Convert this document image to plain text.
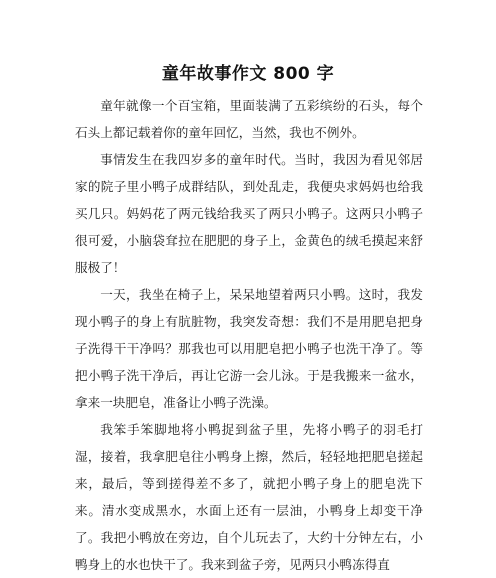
童年故事作文 800 字

童年就像一个百宝箱，里面装满了五彩缤纷的石头，每个石头上都记载着你的童年回忆，当然，我也不例外。

事情发生在我四岁多的童年时代。当时，我因为看见邻居家的院子里小鸭子成群结队，到处乱走，我便央求妈妈也给我买几只。妈妈花了两元钱给我买了两只小鸭子。这两只小鸭子很可爱，小脑袋耷拉在肥肥的身子上，金黄色的绒毛摸起来舒服极了！

一天，我坐在椅子上，呆呆地望着两只小鸭。这时，我发现小鸭子的身上有肮脏物，我突发奇想：我们不是用肥皂把身子洗得干干净吗？那我也可以用肥皂把小鸭子也洗干净了。等把小鸭子洗干净后，再让它游一会儿泳。于是我搬来一盆水，拿来一块肥皂，准备让小鸭子洗澡。

我笨手笨脚地将小鸭捉到盆子里，先将小鸭子的羽毛打湿，接着，我拿肥皂往小鸭身上擦，然后，轻轻地把肥皂搓起来，最后，等到搓得差不多了，就把小鸭子身上的肥皂洗下来。清水变成黑水，水面上还有一层油，小鸭身上却变干净了。我把小鸭放在旁边，自个儿玩去了，大约十分钟左右，小鸭身上的水也快干了。我来到盆子旁，见两只小鸭冻得直
